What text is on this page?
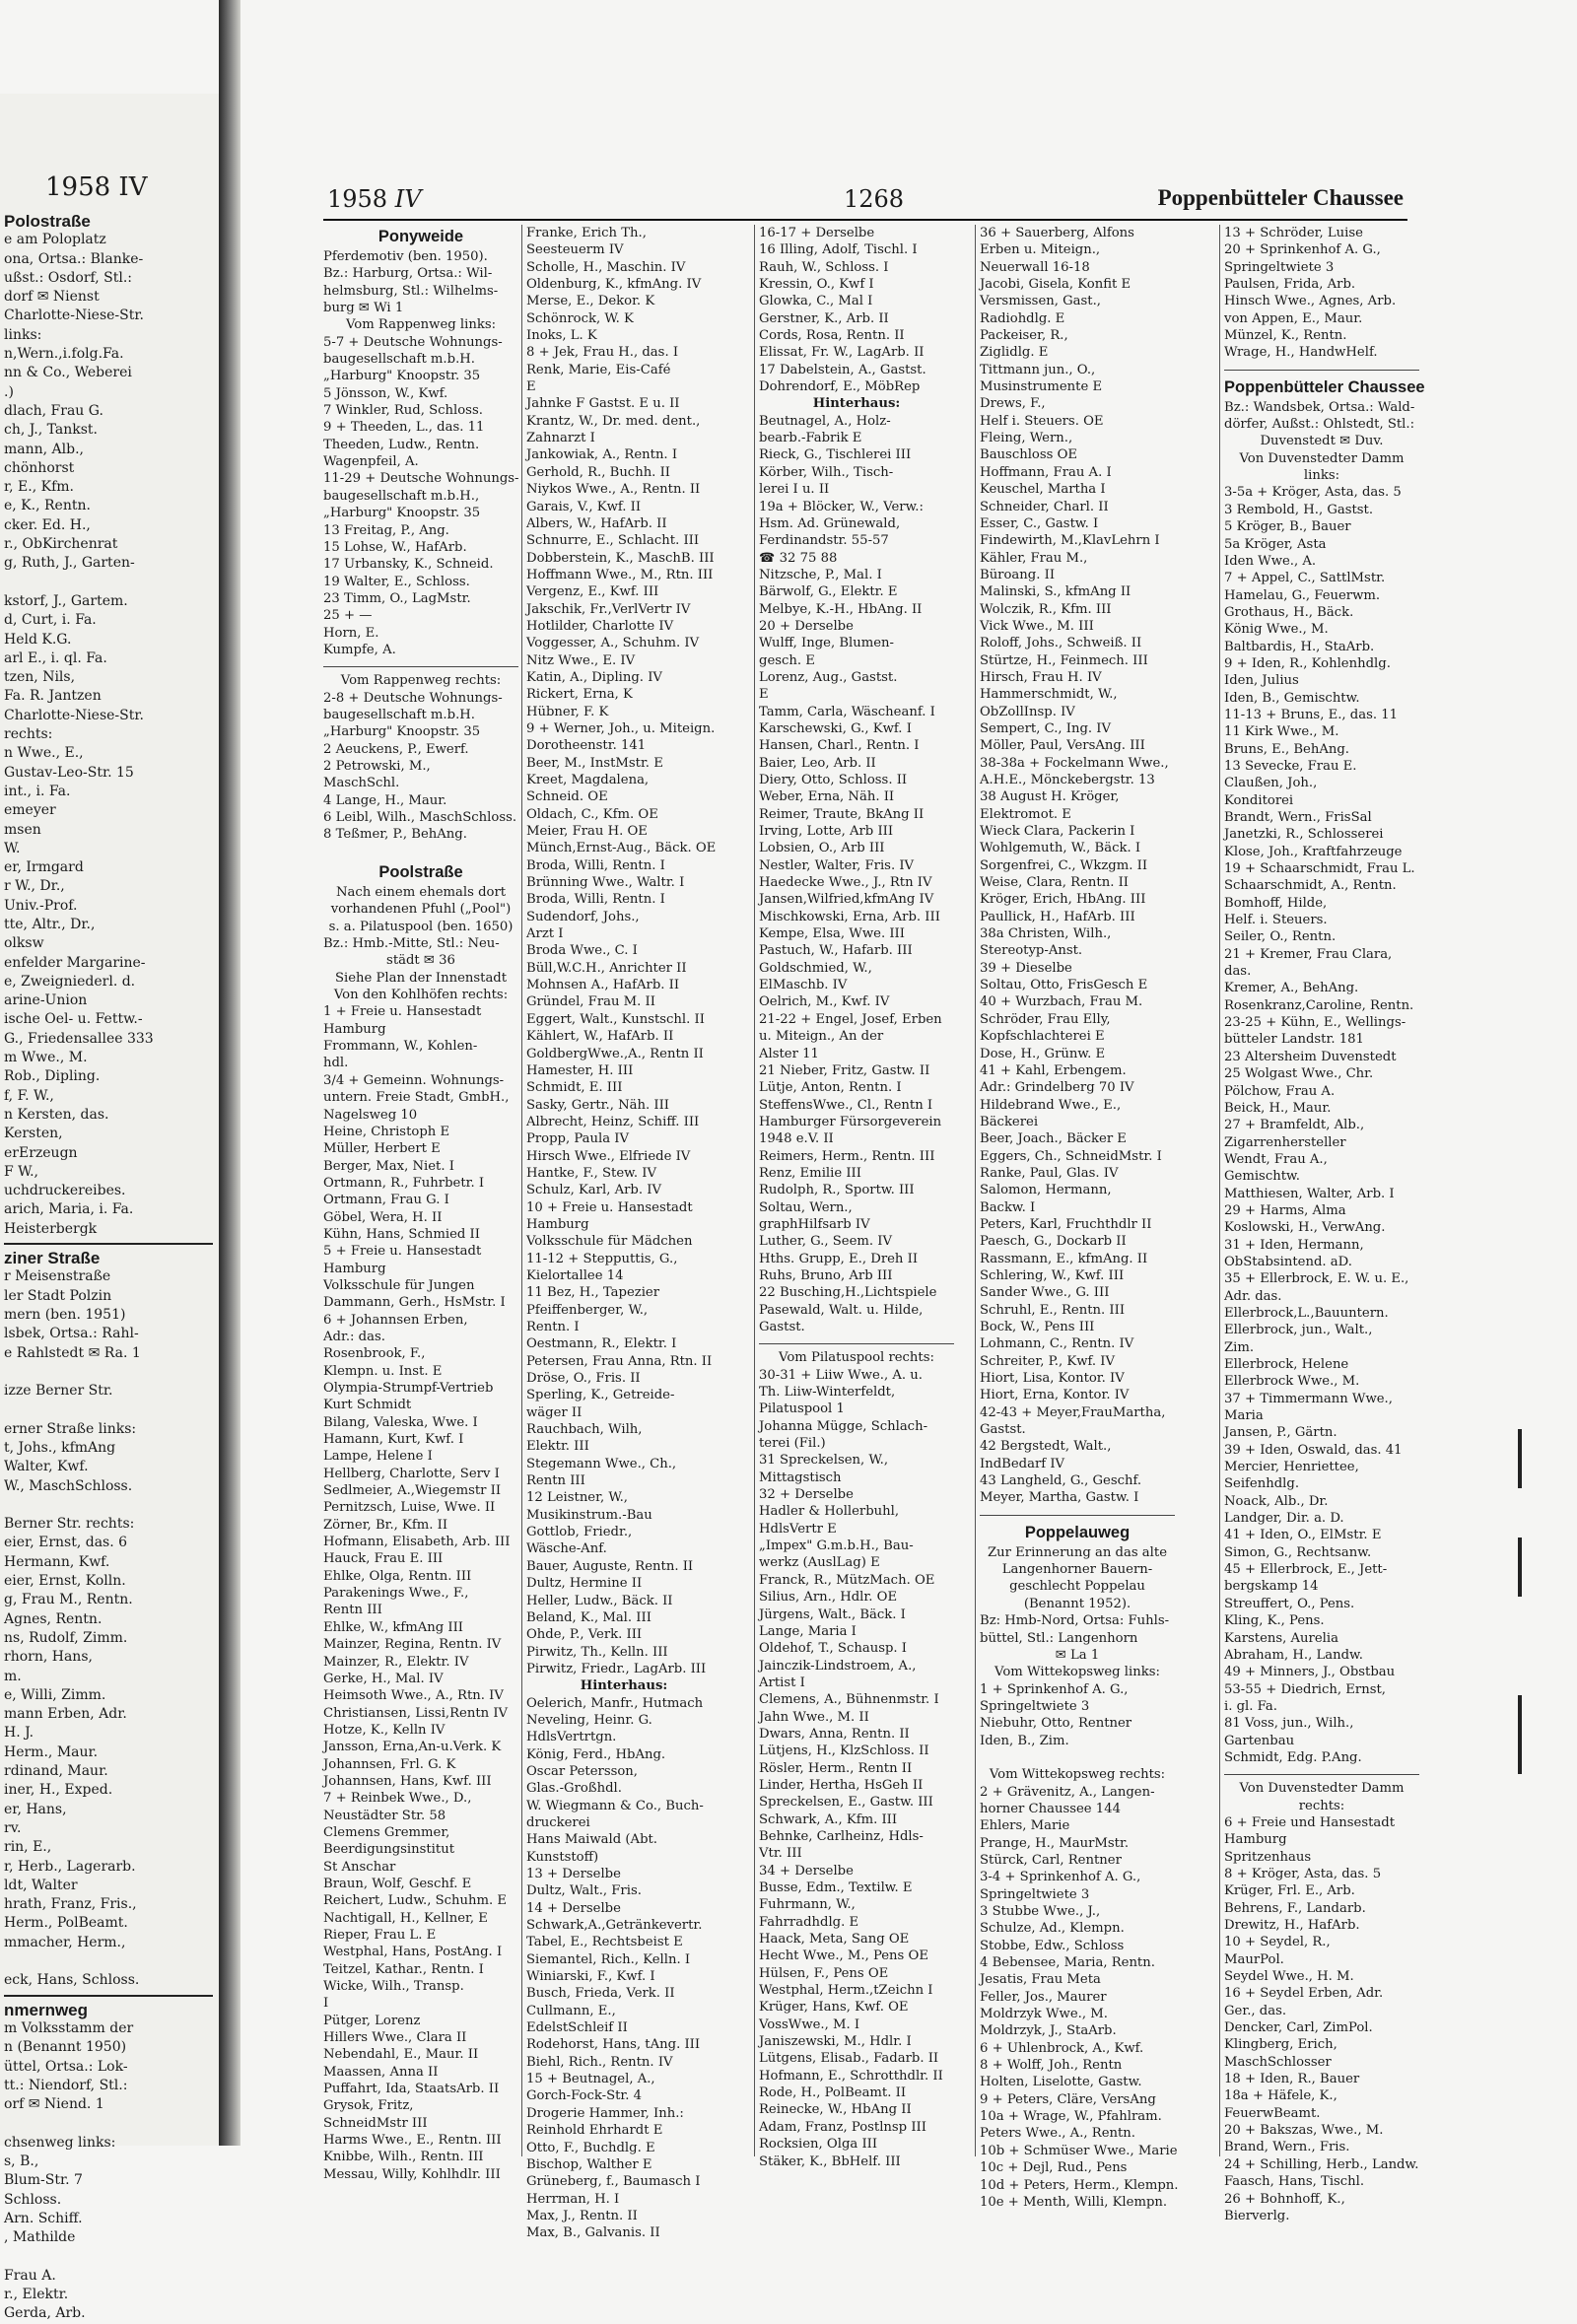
1958 IV
Polostraße
e am Poloplatz
ona, Ortsa.: Blanke-
ußst.: Osdorf, Stl.:
dorf ✉ Nienst
Charlotte-Niese-Str.
links:
n,Wern.,i.folg.Fa.
nn & Co., Weberei
.)
dlach, Frau G.
ch, J., Tankst.
mann, Alb.,
chönhorst
r, E., Kfm.
e, K., Rentn.
cker. Ed. H.,
r., ObKirchenrat
g, Ruth, J., Garten-

kstorf, J., Gartem.
d, Curt, i. Fa.
Held K.G.
arl E., i. ql. Fa.
tzen, Nils,
Fa. R. Jantzen
Charlotte-Niese-Str.
rechts:
n Wwe., E.,
Gustav-Leo-Str. 15
int., i. Fa.
emeyer
msen
W.
er, Irmgard
r W., Dr.,
Univ.-Prof.
tte, Altr., Dr.,
olksw
enfelder Margarine-
e, Zweigniederl. d.
arine-Union
ische Oel- u. Fettw.-
G., Friedensallee 333
m Wwe., M.
Rob., Dipling.
f, F. W.,
n Kersten, das.
Kersten,
erErzeugn
F W.,
uchdruckereibes.
arich, Maria, i. Fa.
Heisterbergk
ziner Straße
r Meisenstraße
ler Stadt Polzin
mern (ben. 1951)
lsbek, Ortsa.: Rahl-
e Rahlstedt ✉ Ra. 1

izze Berner Str.

erner Straße links:
t, Johs., kfmAng
Walter, Kwf.
W., MaschSchloss.

Berner Str. rechts:
eier, Ernst, das. 6
Hermann, Kwf.
eier, Ernst, Kolln.
g, Frau M., Rentn.
Agnes, Rentn.
ns, Rudolf, Zimm.
rhorn, Hans,
m.
e, Willi, Zimm.
mann Erben, Adr.
H. J.
Herm., Maur.
rdinand, Maur.
iner, H., Exped.
er, Hans,
rv.
rin, E.,
r, Herb., Lagerarb.
ldt, Walter
hrath, Franz, Fris.,
Herm., PolBeamt.
mmacher, Herm.,

eck, Hans, Schloss.
nmernweg
m Volksstamm der
n (Benannt 1950)
üttel, Ortsa.: Lok-
tt.: Niendorf, Stl.:
orf ✉ Niend. 1

chsenweg links:
s, B.,
Blum-Str. 7
Schloss.
Arn. Schiff.
, Mathilde

Frau A.
r., Elektr.
Gerda, Arb.
1958 IV	1268	Poppenbütteler Chaussee
Ponyweide
Pferdemotiv (ben. 1950).
Bz.: Harburg, Ortsa.: Wil-
helmsburg, Stl.: Wilhelms-
burg ✉ Wi 1
Vom Rappenweg links:
5-7 + Deutsche Wohnungs-
baugesellschaft m.b.H.
„Harburg" Knoopstr. 35
5 Jönsson, W., Kwf.
7 Winkler, Rud, Schloss.
9 + Theeden, L., das. 11
Theeden, Ludw., Rentn.
Wagenpfeil, A.
11-29 + Deutsche Wohnungs-
baugesellschaft m.b.H.,
„Harburg" Knoopstr. 35
13 Freitag, P., Ang.
15 Lohse, W., HafArb.
17 Urbansky, K., Schneid.
19 Walter, E., Schloss.
23 Timm, O., LagMstr.
25 + —
Horn, E.
Kumpfe, A.
Vom Rappenweg rechts:
2-8 + Deutsche Wohnungs-
baugesellschaft m.b.H.
„Harburg" Knoopstr. 35
2 Aeuckens, P., Ewerf.
2 Petrowski, M.,
MaschSchl.
4 Lange, H., Maur.
6 Leibl, Wilh., MaschSchloss.
8 Teßmer, P., BehAng.

Poolstraße
Nach einem ehemals dort
vorhandenen Pfuhl („Pool")
s. a. Pilatuspool (ben. 1650)
Bz.: Hmb.-Mitte, Stl.: Neu-
städt ✉ 36
Siehe Plan der Innenstadt
Von den Kohlhöfen rechts:
1 + Freie u. Hansestadt
Hamburg
Frommann, W., Kohlen-
hdl.
3/4 + Gemeinn. Wohnungs-
untern. Freie Stadt, GmbH.,
Nagelsweg 10
Heine, Christoph E
Müller, Herbert E
Berger, Max, Niet. I
Ortmann, R., Fuhrbetr. I
Ortmann, Frau G. I
Göbel, Wera, H. II
Kühn, Hans, Schmied II
5 + Freie u. Hansestadt
Hamburg
Volksschule für Jungen
Dammann, Gerh., HsMstr. I
6 + Johannsen Erben,
Adr.: das.
Rosenbrook, F.,
Klempn. u. Inst. E
Olympia-Strumpf-Vertrieb
Kurt Schmidt
Bilang, Valeska, Wwe. I
Hamann, Kurt, Kwf. I
Lampe, Helene I
Hellberg, Charlotte, Serv I
Sedlmeier, A.,Wiegemstr II
Pernitzsch, Luise, Wwe. II
Zörner, Br., Kfm. II
Hofmann, Elisabeth, Arb. III
Hauck, Frau E. III
Ehlke, Olga, Rentn. III
Parakenings Wwe., F.,
Rentn III
Ehlke, W., kfmAng III
Mainzer, Regina, Rentn. IV
Mainzer, R., Elektr. IV
Gerke, H., Mal. IV
Heimsoth Wwe., A., Rtn. IV
Christiansen, Lissi,Rentn IV
Hotze, K., Kelln IV
Jansson, Erna,An-u.Verk. K
Johannsen, Frl. G. K
Johannsen, Hans, Kwf. III
7 + Reinbek Wwe., D.,
Neustädter Str. 58
Clemens Gremmer,
Beerdigungsinstitut
St Anschar
Braun, Wolf, Geschf. E
Reichert, Ludw., Schuhm. E
Nachtigall, H., Kellner, E
Rieper, Frau L. E
Westphal, Hans, PostAng. I
Teitzel, Kathar., Rentn. I
Wicke, Wilh., Transp.
I
Pütger, Lorenz
Hillers Wwe., Clara II
Nebendahl, E., Maur. II
Maassen, Anna II
Puffahrt, Ida, StaatsArb. II
Grysok, Fritz,
SchneidMstr III
Harms Wwe., E., Rentn. III
Knibbe, Wilh., Rentn. III
Messau, Willy, Kohlhdlr. III
Franke, Erich Th.,
Seesteuerm IV
Scholle, H., Maschin. IV
Oldenburg, K., kfmAng. IV
Merse, E., Dekor. K
Schönrock, W. K
Inoks, L. K
8 + Jek, Frau H., das. I
Renk, Marie, Eis-Café
E
Jahnke F Gastst. E u. II
Krantz, W., Dr. med. dent.,
Zahnarzt I
Jankowiak, A., Rentn. I
Gerhold, R., Buchh. II
Niykos Wwe., A., Rentn. II
Garais, V., Kwf. II
Albers, W., HafArb. II
Schnurre, E., Schlacht. III
Dobberstein, K., MaschB. III
Hoffmann Wwe., M., Rtn. III
Vergenz, E., Kwf. III
Jakschik, Fr.,VerlVertr IV
Hotlilder, Charlotte IV
Voggesser, A., Schuhm. IV
Nitz Wwe., E. IV
Katin, A., Dipling. IV
Rickert, Erna, K
Hübner, F. K
9 + Werner, Joh., u. Miteign.
Dorotheenstr. 141
Beer, M., InstMstr. E
Kreet, Magdalena,
Schneid. OE
Oldach, C., Kfm. OE
Meier, Frau H. OE
Münch,Ernst-Aug., Bäck. OE
Broda, Willi, Rentn. I
Brünning Wwe., Waltr. I
Broda, Willi, Rentn. I
Sudendorf, Johs.,
Arzt I
Broda Wwe., C. I
Büll,W.C.H., Anrichter II
Mohnsen A., HafArb. II
Gründel, Frau M. II
Eggert, Walt., Kunstschl. II
Kählert, W., HafArb. II
GoldbergWwe.,A., Rentn II
Hamester, H. III
Schmidt, E. III
Sasky, Gertr., Näh. III
Albrecht, Heinz, Schiff. III
Propp, Paula IV
Hirsch Wwe., Elfriede IV
Hantke, F., Stew. IV
Schulz, Karl, Arb. IV
10 + Freie u. Hansestadt
Hamburg
Volksschule für Mädchen
11-12 + Stepputtis, G.,
Kielortallee 14
11 Bez, H., Tapezier
Pfeiffenberger, W.,
Rentn. I
Oestmann, R., Elektr. I
Petersen, Frau Anna, Rtn. II
Dröse, O., Fris. II
Sperling, K., Getreide-
wäger II
Rauchbach, Wilh,
Elektr. III
Stegemann Wwe., Ch.,
Rentn III
12 Leistner, W.,
Musikinstrum.-Bau
Gottlob, Friedr.,
Wäsche-Anf.
Bauer, Auguste, Rentn. II
Dultz, Hermine II
Heller, Ludw., Bäck. II
Beland, K., Mal. III
Ohde, P., Verk. III
Pirwitz, Th., Kelln. III
Pirwitz, Friedr., LagArb. III
Hinterhaus:
Oelerich, Manfr., Hutmach
Neveling, Heinr. G.
HdlsVertrtgn.
König, Ferd., HbAng.
Oscar Petersson,
Glas.-Großhdl.
W. Wiegmann & Co., Buch-
druckerei
Hans Maiwald (Abt.
Kunststoff)
13 + Derselbe
Dultz, Walt., Fris.
14 + Derselbe
Schwark,A.,Getränkevertr.
Tabel, E., Rechtsbeist E
Siemantel, Rich., Kelln. I
Winiarski, F., Kwf. I
Busch, Frieda, Verk. II
Cullmann, E.,
EdelstSchleif II
Rodehorst, Hans, tAng. III
Biehl, Rich., Rentn. IV
15 + Beutnagel, A.,
Gorch-Fock-Str. 4
Drogerie Hammer, Inh.:
Reinhold Ehrhardt E
Otto, F., Buchdlg. E
Bischop, Walther E
Grüneberg, f., Baumasch I
Herrman, H. I
Max, J., Rentn. II
Max, B., Galvanis. II
16-17 + Derselbe
16 Illing, Adolf, Tischl. I
Rauh, W., Schloss. I
Kressin, O., Kwf I
Glowka, C., Mal I
Gerstner, K., Arb. II
Cords, Rosa, Rentn. II
Elissat, Fr. W., LagArb. II
17 Dabelstein, A., Gastst.
Dohrendorf, E., MöbRep
Hinterhaus:
Beutnagel, A., Holz-
bearb.-Fabrik E
Rieck, G., Tischlerei III
Körber, Wilh., Tisch-
lerei I u. II
19a + Blöcker, W., Verw.:
Hsm. Ad. Grünewald,
Ferdinandstr. 55-57
☎ 32 75 88
Nitzsche, P., Mal. I
Bärwolf, G., Elektr. E
Melbye, K.-H., HbAng. II
20 + Derselbe
Wulff, Inge, Blumen-
gesch. E
Lorenz, Aug., Gastst.
E
Tamm, Carla, Wäscheanf. I
Karschewski, G., Kwf. I
Hansen, Charl., Rentn. I
Baier, Leo, Arb. II
Diery, Otto, Schloss. II
Weber, Erna, Näh. II
Reimer, Traute, BkAng II
Irving, Lotte, Arb III
Lobsien, O., Arb III
Nestler, Walter, Fris. IV
Haedecke Wwe., J., Rtn IV
Jansen,Wilfried,kfmAng IV
Mischkowski, Erna, Arb. III
Kempe, Elsa, Wwe. III
Pastuch, W., Hafarb. III
Goldschmied, W.,
ElMaschb. IV
Oelrich, M., Kwf. IV
21-22 + Engel, Josef, Erben
u. Miteign., An der
Alster 11
21 Nieber, Fritz, Gastw. II
Lütje, Anton, Rentn. I
SteffensWwe., Cl., Rentn I
Hamburger Fürsorgeverein
1948 e.V. II
Reimers, Herm., Rentn. III
Renz, Emilie III
Rudolph, R., Sportw. III
Soltau, Wern.,
graphHilfsarb IV
Luther, G., Seem. IV
Hths. Grupp, E., Dreh II
Ruhs, Bruno, Arb III
22 Busching,H.,Lichtspiele
Pasewald, Walt. u. Hilde,
Gastst.
Vom Pilatuspool rechts:
30-31 + Liiw Wwe., A. u.
Th. Liiw-Winterfeldt,
Pilatuspool 1
Johanna Mügge, Schlach-
terei (Fil.)
31 Spreckelsen, W.,
Mittagstisch
32 + Derselbe
Hadler & Hollerbuhl,
HdlsVertr E
„Impex" G.m.b.H., Bau-
werkz (AuslLag) E
Franck, R., MützMach. OE
Silius, Arn., Hdlr. OE
Jürgens, Walt., Bäck. I
Lange, Maria I
Oldehof, T., Schausp. I
Jainczik-Lindstroem, A.,
Artist I
Clemens, A., Bühnenmstr. I
Jahn Wwe., M. II
Dwars, Anna, Rentn. II
Lütjens, H., KlzSchloss. II
Rösler, Herm., Rentn II
Linder, Hertha, HsGeh II
Spreckelsen, E., Gastw. III
Schwark, A., Kfm. III
Behnke, Carlheinz, Hdls-
Vtr. III
34 + Derselbe
Busse, Edm., Textilw. E
Fuhrmann, W.,
Fahrradhdlg. E
Haack, Meta, Sang OE
Hecht Wwe., M., Pens OE
Hülsen, F., Pens OE
Westphal, Herm.,tZeichn I
Krüger, Hans, Kwf. OE
VossWwe., M. I
Janiszewski, M., Hdlr. I
Lütgens, Elisab., Fadarb. II
Hofmann, E., Schrotthdlr. II
Rode, H., PolBeamt. II
Reinecke, W., HbAng II
Adam, Franz, Postlnsp III
Rocksien, Olga III
Stäker, K., BbHelf. III
36 + Sauerberg, Alfons
Erben u. Miteign.,
Neuerwall 16-18
Jacobi, Gisela, Konfit E
Versmissen, Gast.,
Radiohdlg. E
Packeiser, R.,
Ziglidlg. E
Tittmann jun., O.,
Musinstrumente E
Drews, F.,
Helf i. Steuers. OE
Fleing, Wern.,
Bauschloss OE
Hoffmann, Frau A. I
Keuschel, Martha I
Schneider, Charl. II
Esser, C., Gastw. I
Findewirth, M.,KlavLehrn I
Kähler, Frau M.,
Büroang. II
Malinski, S., kfmAng II
Wolczik, R., Kfm. III
Vick Wwe., M. III
Roloff, Johs., Schweiß. II
Stürtze, H., Feinmech. III
Hirsch, Frau H. IV
Hammerschmidt, W.,
ObZollInsp. IV
Sempert, C., Ing. IV
Möller, Paul, VersAng. III
38-38a + Fockelmann Wwe.,
A.H.E., Mönckebergstr. 13
38 August H. Kröger,
Elektromot. E
Wieck Clara, Packerin I
Wohlgemuth, W., Bäck. I
Sorgenfrei, C., Wkzgm. II
Weise, Clara, Rentn. II
Kröger, Erich, HbAng. III
Paullick, H., HafArb. III
38a Christen, Wilh.,
Stereotyp-Anst.
39 + Dieselbe
Soltau, Otto, FrisGesch E
40 + Wurzbach, Frau M.
Schröder, Frau Elly,
Kopfschlachterei E
Dose, H., Grünw. E
41 + Kahl, Erbengem.
Adr.: Grindelberg 70 IV
Hildebrand Wwe., E.,
Bäckerei
Beer, Joach., Bäcker E
Eggers, Ch., SchneidMstr. I
Ranke, Paul, Glas. IV
Salomon, Hermann,
Backw. I
Peters, Karl, Fruchthdlr II
Paesch, G., Dockarb II
Rassmann, E., kfmAng. II
Schlering, W., Kwf. III
Sander Wwe., G. III
Schruhl, E., Rentn. III
Bock, W., Pens III
Lohmann, C., Rentn. IV
Schreiter, P., Kwf. IV
Hiort, Lisa, Kontor. IV
Hiort, Erna, Kontor. IV
42-43 + Meyer,FrauMartha,
Gastst.
42 Bergstedt, Walt.,
IndBedarf IV
43 Langheld, G., Geschf.
Meyer, Martha, Gastw. I
Poppelauweg
Zur Erinnerung an das alte
Langenhorner Bauern-
geschlecht Poppelau
(Benannt 1952).
Bz: Hmb-Nord, Ortsa: Fuhls-
büttel, Stl.: Langenhorn
✉ La 1
Vom Wittekopsweg links:
1 + Sprinkenhof A. G.,
Springeltwiete 3
Niebuhr, Otto, Rentner
Iden, B., Zim.

Vom Wittekopsweg rechts:
2 + Grävenitz, A., Langen-
horner Chaussee 144
Ehlers, Marie
Prange, H., MaurMstr.
Stürck, Carl, Rentner
3-4 + Sprinkenhof A. G.,
Springeltwiete 3
3 Stubbe Wwe., J.,
Schulze, Ad., Klempn.
Stobbe, Edw., Schloss
4 Bebensee, Maria, Rentn.
Jesatis, Frau Meta
Feller, Jos., Maurer
Moldrzyk Wwe., M.
Moldrzyk, J., StaArb.
6 + Uhlenbrock, A., Kwf.
8 + Wolff, Joh., Rentn
Holten, Liselotte, Gastw.
9 + Peters, Cläre, VersAng
10a + Wrage, W., Pfahlram.
Peters Wwe., A., Rentn.
10b + Schmüser Wwe., Marie
10c + Dejl, Rud., Pens
10d + Peters, Herm., Klempn.
10e + Menth, Willi, Klempn.
13 + Schröder, Luise
20 + Sprinkenhof A. G.,
Springeltwiete 3
Paulsen, Frida, Arb.
Hinsch Wwe., Agnes, Arb.
von Appen, E., Maur.
Münzel, K., Rentn.
Wrage, H., HandwHelf.
Poppenbütteler Chaussee
Bz.: Wandsbek, Ortsa.: Wald-
dörfer, Außst.: Ohlstedt, Stl.:
Duvenstedt ✉ Duv.
Von Duvenstedter Damm
links:
3-5a + Kröger, Asta, das. 5
3 Rembold, H., Gastst.
5 Kröger, B., Bauer
5a Kröger, Asta
Iden Wwe., A.
7 + Appel, C., SattlMstr.
Hamelau, G., Feuerwm.
Grothaus, H., Bäck.
König Wwe., M.
Baltbardis, H., StaArb.
9 + Iden, R., Kohlenhdlg.
Iden, Julius
Iden, B., Gemischtw.
11-13 + Bruns, E., das. 11
11 Kirk Wwe., M.
Bruns, E., BehAng.
13 Sevecke, Frau E.
Claußen, Joh.,
Konditorei
Brandt, Wern., FrisSal
Janetzki, R., Schlosserei
Klose, Joh., Kraftfahrzeuge
19 + Schaarschmidt, Frau L.
Schaarschmidt, A., Rentn.
Bomhoff, Hilde,
Helf. i. Steuers.
Seiler, O., Rentn.
21 + Kremer, Frau Clara,
das.
Kremer, A., BehAng.
Rosenkranz,Caroline, Rentn.
23-25 + Kühn, E., Wellings-
bütteler Landstr. 181
23 Altersheim Duvenstedt
25 Wolgast Wwe., Chr.
Pölchow, Frau A.
Beick, H., Maur.
27 + Bramfeldt, Alb.,
Zigarrenhersteller
Wendt, Frau A.,
Gemischtw.
Matthiesen, Walter, Arb. I
29 + Harms, Alma
Koslowski, H., VerwAng.
31 + Iden, Hermann,
ObStabsintend. aD.
35 + Ellerbrock, E. W. u. E.,
Adr. das.
Ellerbrock,L.,Bauuntern.
Ellerbrock, jun., Walt.,
Zim.
Ellerbrock, Helene
Ellerbrock Wwe., M.
37 + Timmermann Wwe.,
Maria
Jansen, P., Gärtn.
39 + Iden, Oswald, das. 41
Mercier, Henriettee,
Seifenhdlg.
Noack, Alb., Dr.
Landger, Dir. a. D.
41 + Iden, O., ElMstr. E
Simon, G., Rechtsanw.
45 + Ellerbrock, E., Jett-
bergskamp 14
Streuffert, O., Pens.
Kling, K., Pens.
Karstens, Aurelia
Abraham, H., Landw.
49 + Minners, J., Obstbau
53-55 + Diedrich, Ernst,
i. gl. Fa.
81 Voss, jun., Wilh.,
Gartenbau
Schmidt, Edg. P.Ang.
Von Duvenstedter Damm
rechts:
6 + Freie und Hansestadt
Hamburg
Spritzenhaus
8 + Kröger, Asta, das. 5
Krüger, Frl. E., Arb.
Behrens, F., Landarb.
Drewitz, H., HafArb.
10 + Seydel, R.,
MaurPol.
Seydel Wwe., H. M.
16 + Seydel Erben, Adr.
Ger., das.
Dencker, Carl, ZimPol.
Klingberg, Erich,
MaschSchlosser
18 + Iden, R., Bauer
18a + Häfele, K.,
FeuerwBeamt.
20 + Bakszas, Wwe., M.
Brand, Wern., Fris.
24 + Schilling, Herb., Landw.
Faasch, Hans, Tischl.
26 + Bohnhoff, K.,
Bierverlg.
